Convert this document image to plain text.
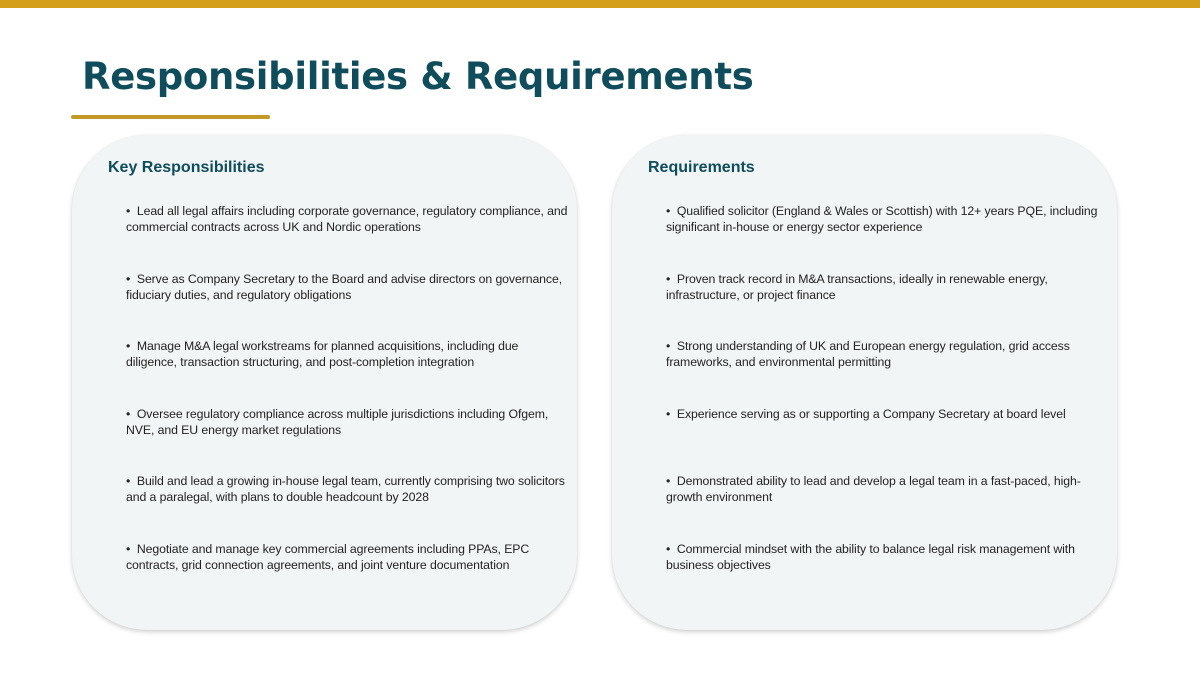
Responsibilities & Requirements
Key Responsibilities
•  Lead all legal affairs including corporate governance, regulatory compliance, and commercial contracts across UK and Nordic operations
•  Serve as Company Secretary to the Board and advise directors on governance, fiduciary duties, and regulatory obligations
•  Manage M&A legal workstreams for planned acquisitions, including due diligence, transaction structuring, and post-completion integration
•  Oversee regulatory compliance across multiple jurisdictions including Ofgem, NVE, and EU energy market regulations
•  Build and lead a growing in-house legal team, currently comprising two solicitors and a paralegal, with plans to double headcount by 2028
•  Negotiate and manage key commercial agreements including PPAs, EPC contracts, grid connection agreements, and joint venture documentation
Requirements
•  Qualified solicitor (England & Wales or Scottish) with 12+ years PQE, including significant in-house or energy sector experience
•  Proven track record in M&A transactions, ideally in renewable energy, infrastructure, or project finance
•  Strong understanding of UK and European energy regulation, grid access frameworks, and environmental permitting
•  Experience serving as or supporting a Company Secretary at board level
•  Demonstrated ability to lead and develop a legal team in a fast-paced, high-growth environment
•  Commercial mindset with the ability to balance legal risk management with business objectives
